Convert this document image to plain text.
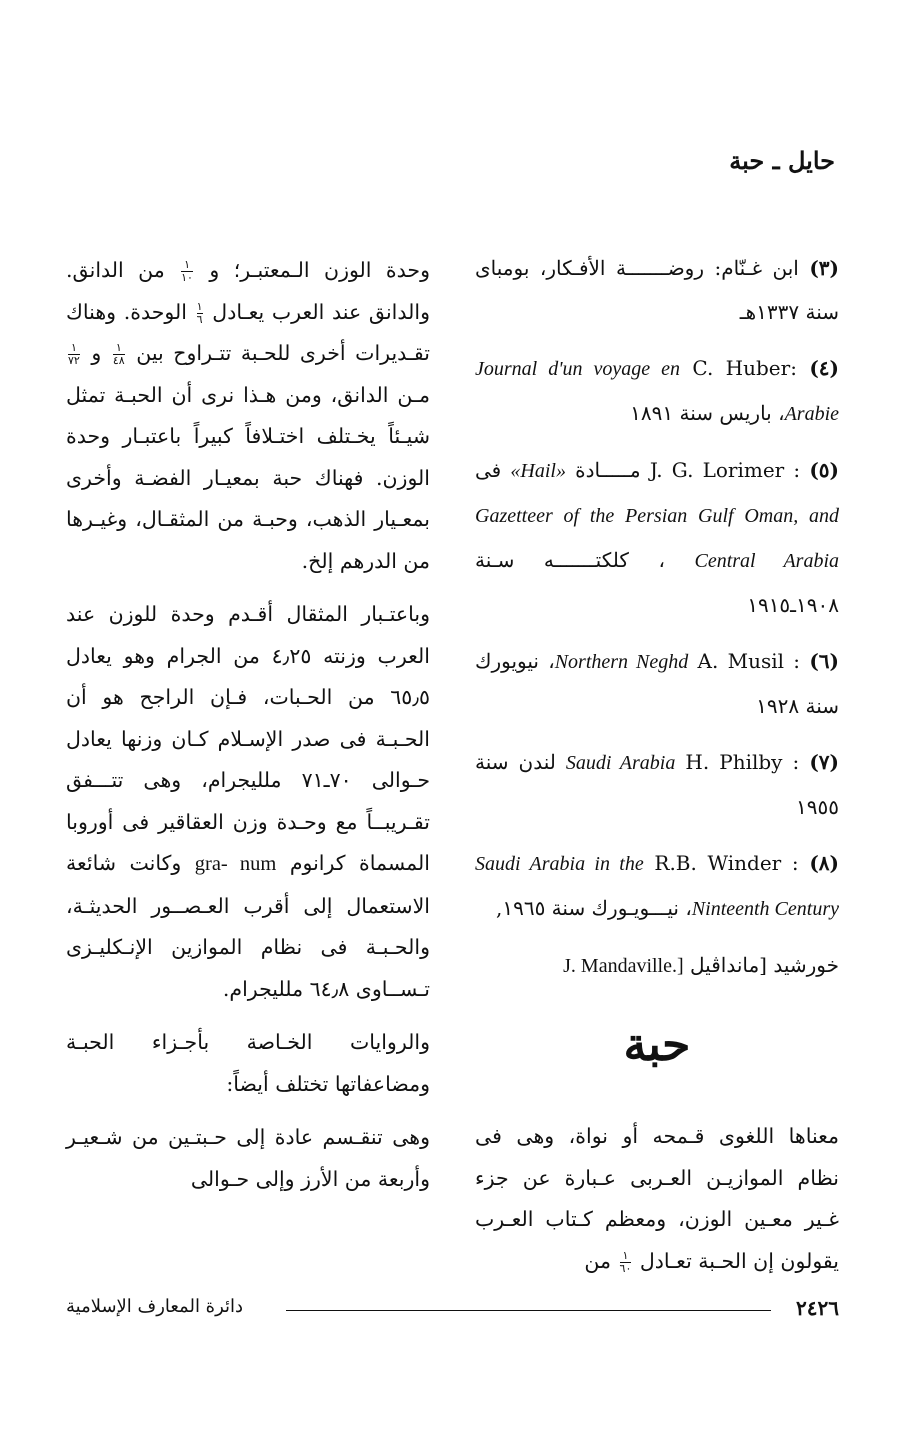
حايل ـ حبة

(٣) ابن غـنّام: روضـــــــة الأفـكار، بومباى سنة ١٣٣٧هـ

(٤) C. Huber: Journal d'un voyage en Arabie، باريس سنة ١٨٩١

(٥) J. G. Lorimer : مـــــادة «Hail» فى Gazetteer of the Persian Gulf Oman, and Central Arabia ، كلكتـــــــه سـنة ١٩٠٨ـ١٩١٥

(٦) A. Musil : Northern Neghd، نيويورك سنة ١٩٢٨

(٧) H. Philby : Saudi Arabia لندن سنة ١٩٥٥

(٨) R.B. Winder : Saudi Arabia in the Ninteenth Century، نيـــويـورك سنة ١٩٦٥,

خورشيد [مانداڤيل J. Mandaville.]

حبة

معناها اللغوى قـمحه أو نواة، وهى فى نظام الموازيـن العـربى عـبارة عن جزء غـير معـين الوزن، ومعظم كـتاب العـرب يقولون إن الحـبة تعـادل
$\frac{١}{٦٠}$
من

وحدة الوزن الـمعتبـر؛ و
$\frac{١}{١٠}$
من الدانق. والدانق عند العرب يعـادل
$\frac{١}{٦}$
الوحدة. وهناك تقـديرات أخرى للحـبة تتـراوح بين
$\frac{١}{٤٨}$
و
$\frac{١}{٧٢}$
مـن الدانق، ومن هـذا نرى أن الحبـة تمثل شيـئاً يخـتلف اختـلافاً كبيراً باعتبـار وحدة الوزن. فهناك حبة بمعيـار الفضـة وأخرى بمعـيار الذهب، وحبـة من المثقـال، وغيـرها من الدرهم إلخ.

وباعتـبار المثقال أقـدم وحدة للوزن عند العرب وزنته ٤٫٢٥ من الجرام وهو يعادل ٦٥٫٥ من الحـبات، فـإن الراجح هو أن الحـبـة فى صدر الإسـلام كـان وزنها يعادل حـوالى ٧٠ـ٧١ ملليجرام، وهى تتـــفق تقـريبــاً مع وحـدة وزن العقاقير فى أوروبا المسماة كرانوم gra- num وكانت شائعة الاستعمال إلى أقرب العـصــور الحديثـة، والحـبـة فى نظام الموازين الإنـكليـزى تـســاوى ٦٤٫٨ ملليجرام.

والروايات الخـاصة بأجـزاء الحبـة ومضاعفاتها تختلف أيضاً:

وهى تنقـسم عادة إلى حـبتـين من شـعيـر وأربعة من الأرز وإلى حـوالى

٢٤٢٦
دائرة المعارف الإسلامية
